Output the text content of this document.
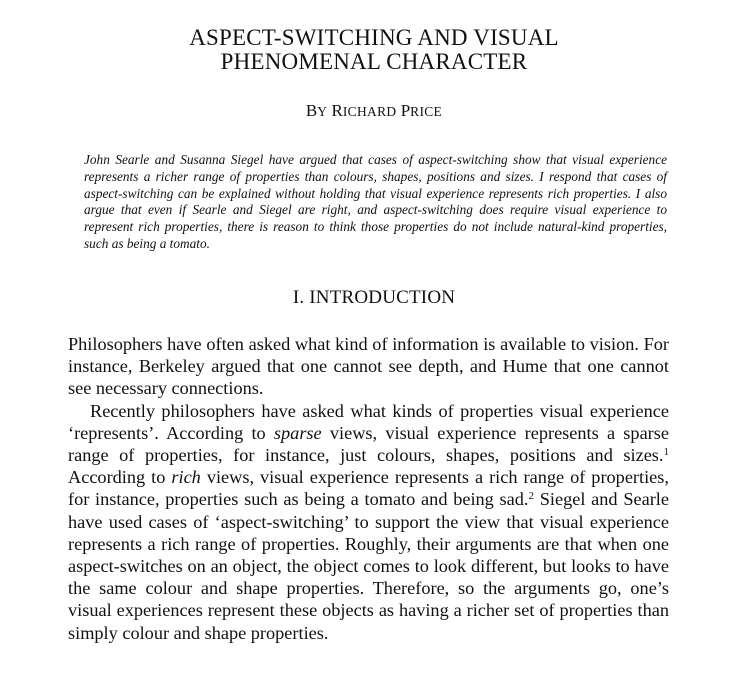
ASPECT-SWITCHING AND VISUAL
PHENOMENAL CHARACTER

BY RICHARD PRICE

John Searle and Susanna Siegel have argued that cases of aspect-switching show that visual experience represents a richer range of properties than colours, shapes, positions and sizes. I respond that cases of aspect-switching can be explained without holding that visual experience represents rich properties. I also argue that even if Searle and Siegel are right, and aspect-switching does require visual experience to represent rich properties, there is reason to think those properties do not include natural-kind properties, such as being a tomato.

I. INTRODUCTION

Philosophers have often asked what kind of information is available to vision. For instance, Berkeley argued that one cannot see depth, and Hume that one cannot see necessary connections.

Recently philosophers have asked what kinds of properties visual experience ‘represents’. According to sparse views, visual experience represents a sparse range of properties, for instance, just colours, shapes, positions and sizes.$^1$ According to rich views, visual experience represents a rich range of properties, for instance, properties such as being a tomato and being sad.$^2$ Siegel and Searle have used cases of ‘aspect-switching’ to support the view that visual experience represents a rich range of properties. Roughly, their arguments are that when one aspect-switches on an object, the object comes to look different, but looks to have the same colour and shape properties. Therefore, so the arguments go, one’s visual experiences represent these objects as having a richer set of properties than simply colour and shape properties.
